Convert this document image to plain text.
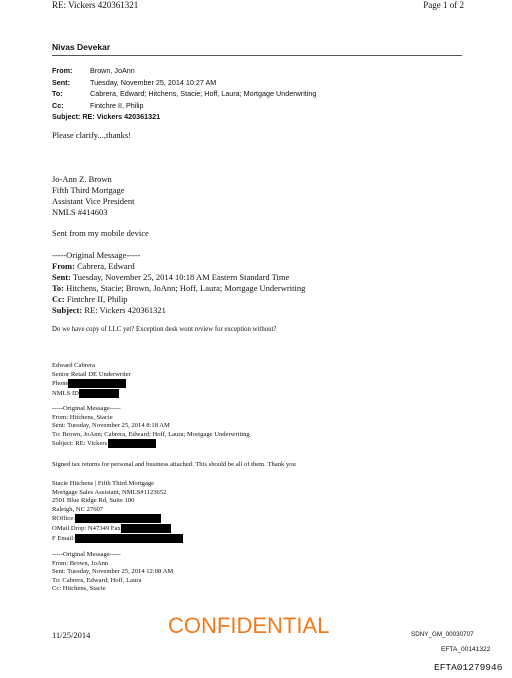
RE: Vickers 420361321	Page 1 of 2
Nivas Devekar
From: Brown, JoAnn
Sent:	Tuesday, November 25, 2014 10:27 AM
To:	Cabrera, Edward; Hitchens, Stacie; Hoff, Laura; Mortgage Underwriting
Cc:	Fintchre II, Philip
Subject: RE: Vickers 420361321
Please clarify...,thanks!
Jo-Ann Z. Brown
Fifth Third Mortgage
Assistant Vice President
NMLS #414603
Sent from my mobile device
-----Original Message-----
From: Cabrera, Edward
Sent: Tuesday, November 25, 2014 10:18 AM Eastern Standard Time
To: Hitchens, Stacie; Brown, JoAnn; Hoff, Laura; Mortgage Underwriting
Cc: Fintchre II, Philip
Subject: RE: Vickers 420361321
Do we have copy of LLC yet? Exception desk wont review for exception without?
Edward Cabrera
Senior Retail DE Underwriter
Phone
NMLS ID
-----Original Message-----
From: Hitchens, Stacie
Sent: Tuesday, November 25, 2014 8:18 AM
To: Brown, JoAnn; Cabrera, Edward; Hoff, Laura; Mortgage Underwriting
Subject: RE: Vickers
Signed tax returns for personal and business attached. This should be all of them. Thank you
Stacie Hitchens | Fifth Third Mortgage
Mortgage Sales Assistant, NMLS#1123652
2501 Blue Ridge Rd, Suite 100
Raleigh, NC 27607
ROffice:
OMail Drop: N47349 Fax
F Email:
-----Original Message-----
From: Brown, JoAnn
Sent: Tuesday, November 25, 2014 12:08 AM
To: Cabrera, Edward; Hoff, Laura
Cc: Hitchens, Stacie
11/25/2014	CONFIDENTIAL	SDNY_GM_00030707
EFTA_00141322
EFTA01279946
